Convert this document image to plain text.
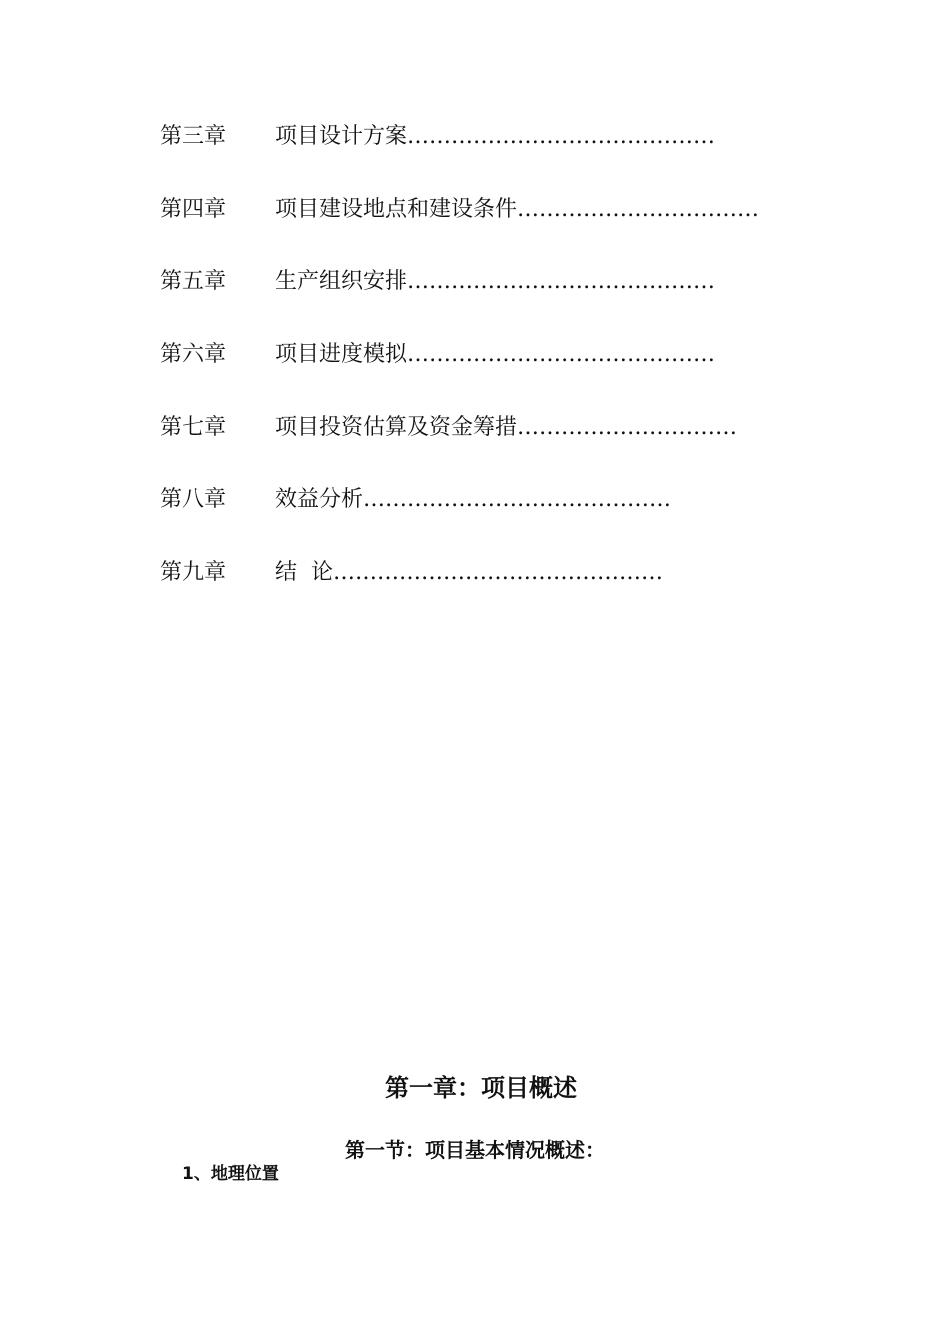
第三章 项目设计方案……………………………………
第四章 项目建设地点和建设条件……………………………
第五章 生产组织安排……………………………………
第六章 项目进度模拟……………………………………
第七章 项目投资估算及资金筹措…………………………
第八章 效益分析……………………………………
第九章 结  论………………………………………
第一章：项目概述
第一节：项目基本情况概述：
1、地理位置
